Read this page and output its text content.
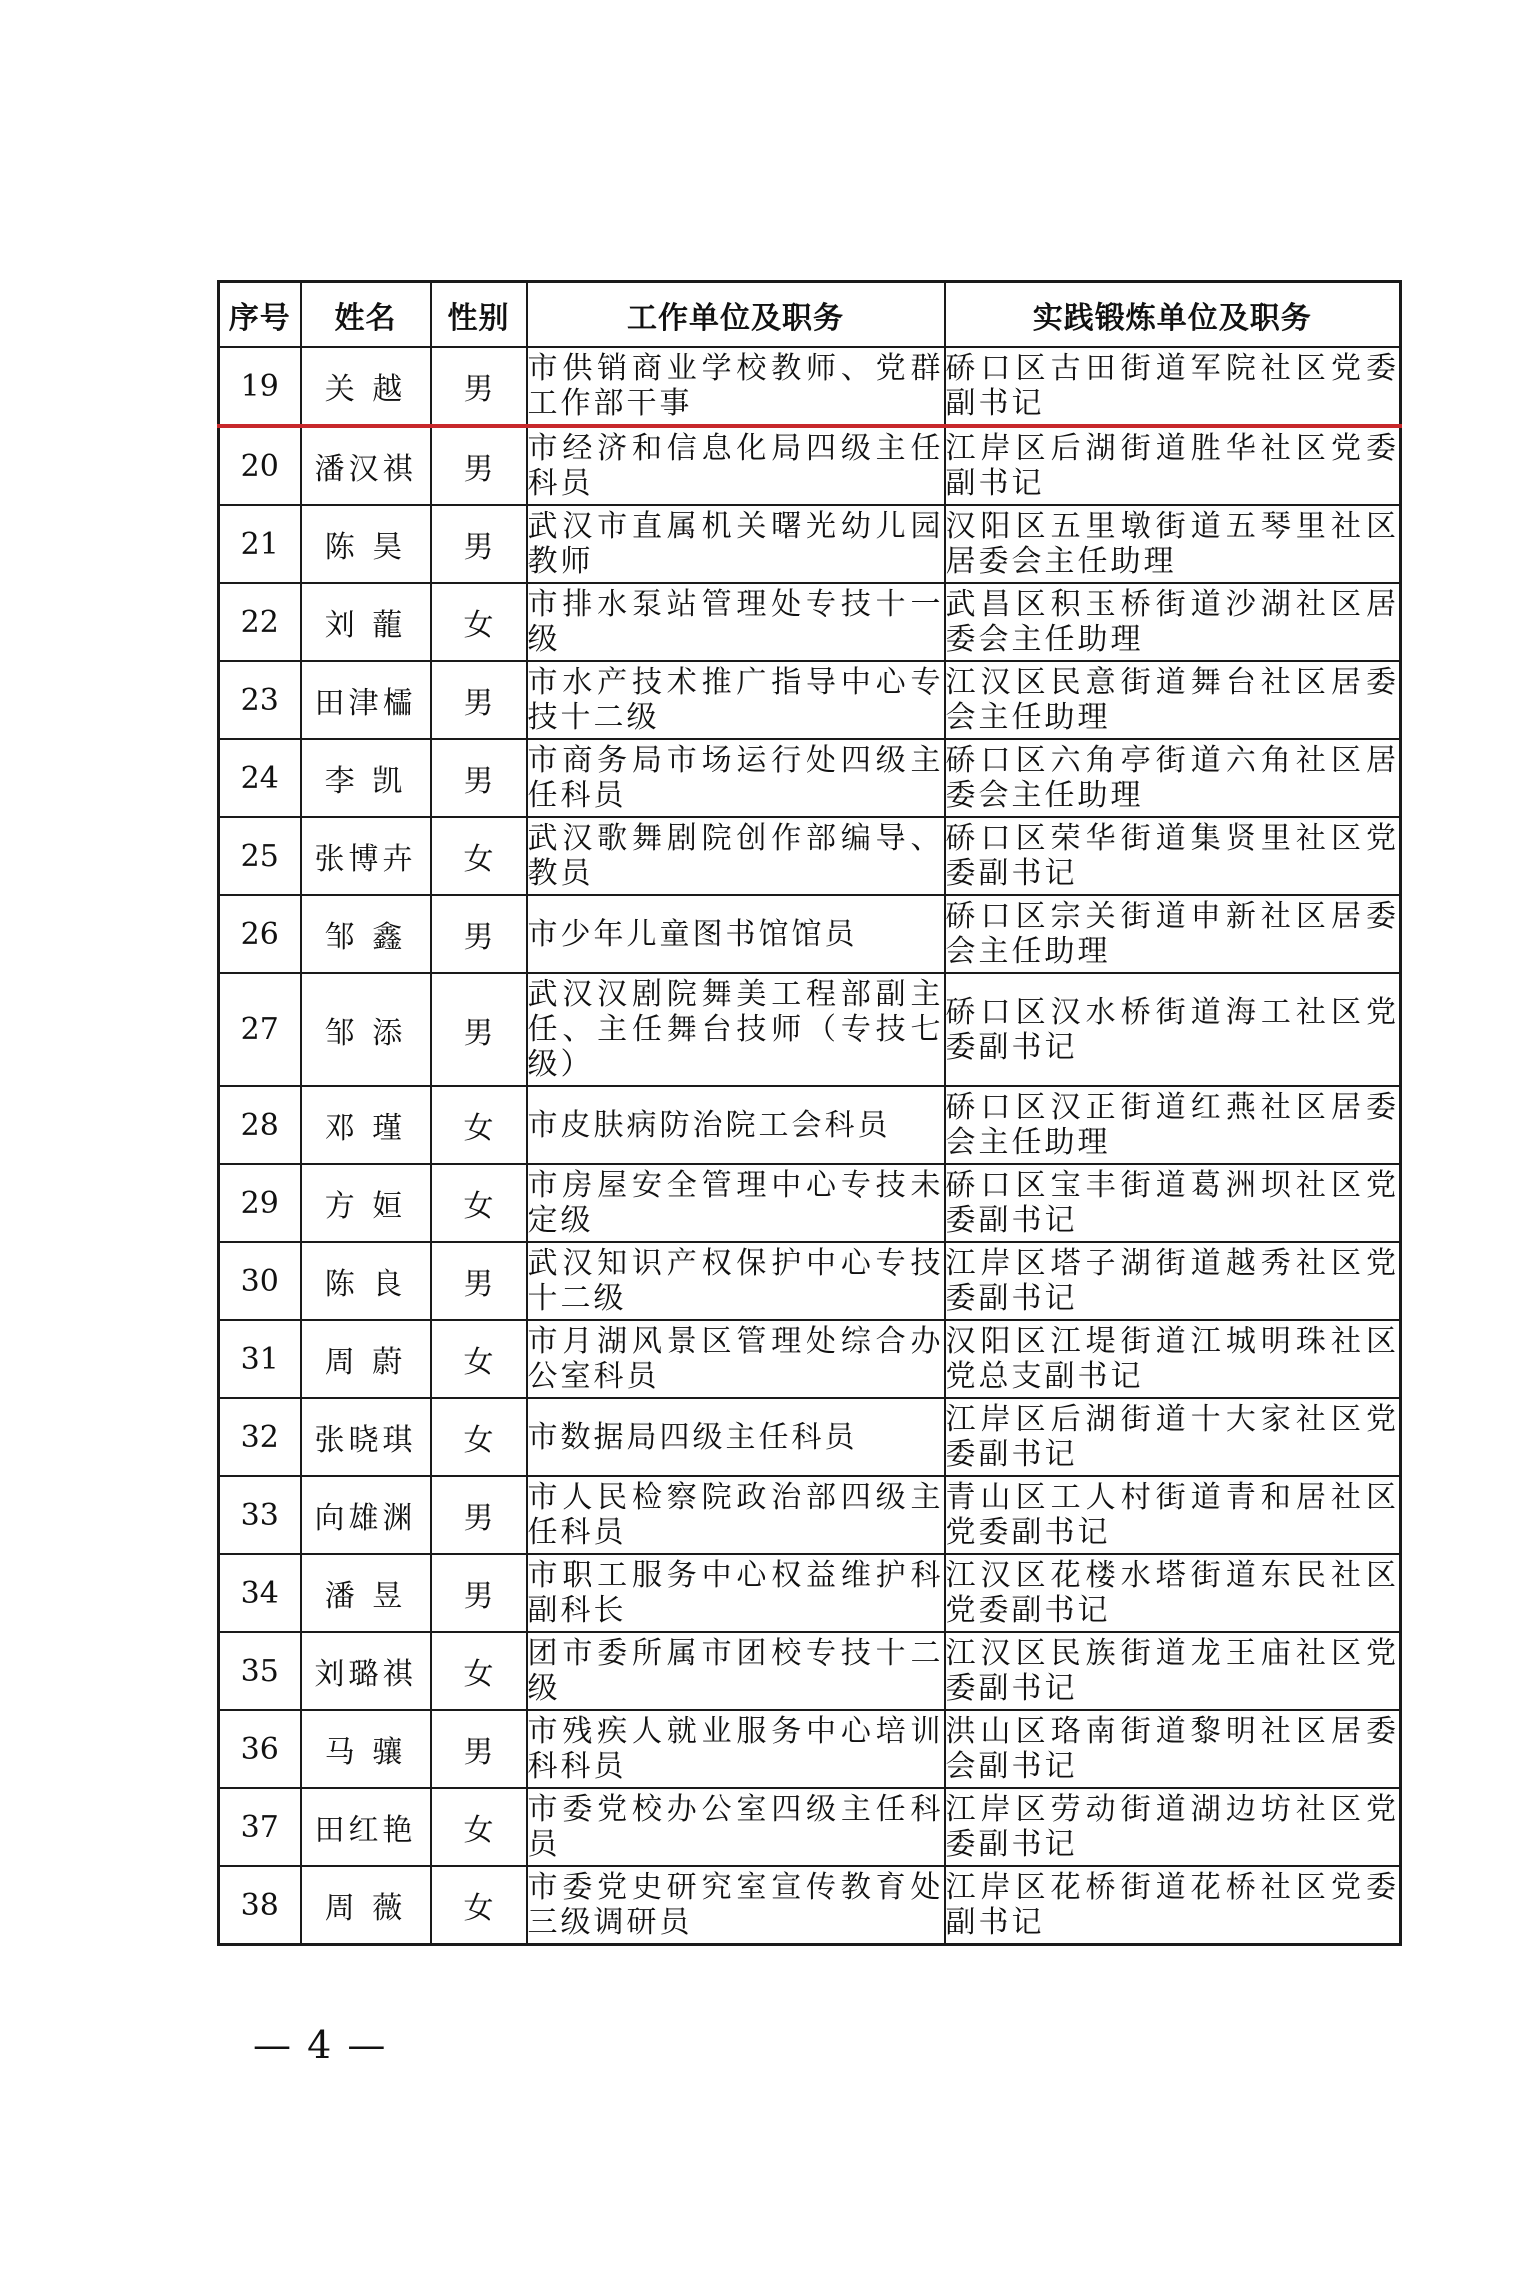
序号	姓名	性别	工作单位及职务	实践锻炼单位及职务
19	关 越	男	市供销商业学校教师、党群工作部干事	硚口区古田街道军院社区党委副书记
20	潘汉祺	男	市经济和信息化局四级主任科员	江岸区后湖街道胜华社区党委副书记
21	陈 昊	男	武汉市直属机关曙光幼儿园教师	汉阳区五里墩街道五琴里社区居委会主任助理
22	刘 蘢	女	市排水泵站管理处专技十一级	武昌区积玉桥街道沙湖社区居委会主任助理
23	田津櫺	男	市水产技术推广指导中心专技十二级	江汉区民意街道舞台社区居委会主任助理
24	李 凯	男	市商务局市场运行处四级主任科员	硚口区六角亭街道六角社区居委会主任助理
25	张博卉	女	武汉歌舞剧院创作部编导、教员	硚口区荣华街道集贤里社区党委副书记
26	邹 鑫	男	市少年儿童图书馆馆员	硚口区宗关街道申新社区居委会主任助理
27	邹 添	男	武汉汉剧院舞美工程部副主任、主任舞台技师（专技七级）	硚口区汉水桥街道海工社区党委副书记
28	邓 瑾	女	市皮肤病防治院工会科员	硚口区汉正街道红燕社区居委会主任助理
29	方 姮	女	市房屋安全管理中心专技未定级	硚口区宝丰街道葛洲坝社区党委副书记
30	陈 良	男	武汉知识产权保护中心专技十二级	江岸区塔子湖街道越秀社区党委副书记
31	周 蔚	女	市月湖风景区管理处综合办公室科员	汉阳区江堤街道江城明珠社区党总支副书记
32	张晓琪	女	市数据局四级主任科员	江岸区后湖街道十大家社区党委副书记
33	向雄渊	男	市人民检察院政治部四级主任科员	青山区工人村街道青和居社区党委副书记
34	潘 昱	男	市职工服务中心权益维护科副科长	江汉区花楼水塔街道东民社区党委副书记
35	刘璐祺	女	团市委所属市团校专技十二级	江汉区民族街道龙王庙社区党委副书记
36	马 骧	男	市残疾人就业服务中心培训科科员	洪山区珞南街道黎明社区居委会副书记
37	田红艳	女	市委党校办公室四级主任科员	江岸区劳动街道湖边坊社区党委副书记
38	周 薇	女	市委党史研究室宣传教育处三级调研员	江岸区花桥街道花桥社区党委副书记
— 4 —
